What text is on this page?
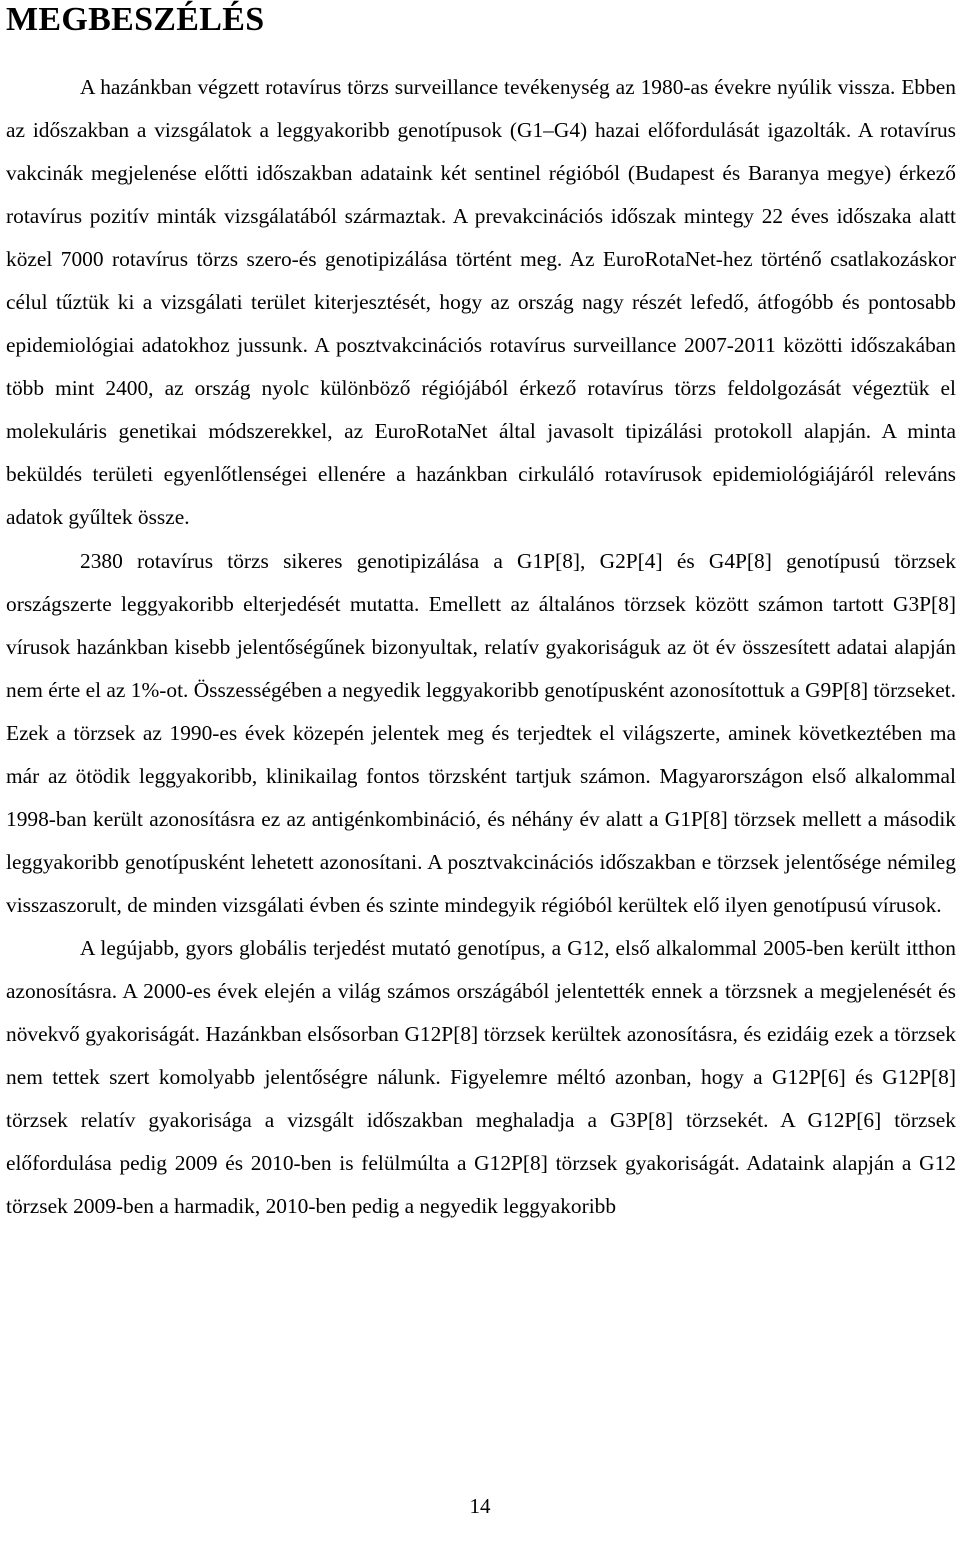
MEGBESZÉLÉS

A hazánkban végzett rotavírus törzs surveillance tevékenység az 1980-as évekre nyúlik vissza. Ebben az időszakban a vizsgálatok a leggyakoribb genotípusok (G1–G4) hazai előfordulását igazolták. A rotavírus vakcinák megjelenése előtti időszakban adataink két sentinel régióból (Budapest és Baranya megye) érkező rotavírus pozitív minták vizsgálatából származtak. A prevakcinációs időszak mintegy 22 éves időszaka alatt közel 7000 rotavírus törzs szero-és genotipizálása történt meg. Az EuroRotaNet-hez történő csatlakozáskor célul tűztük ki a vizsgálati terület kiterjesztését, hogy az ország nagy részét lefedő, átfogóbb és pontosabb epidemiológiai adatokhoz jussunk. A posztvakcinációs rotavírus surveillance 2007-2011 közötti időszakában több mint 2400, az ország nyolc különböző régiójából érkező rotavírus törzs feldolgozását végeztük el molekuláris genetikai módszerekkel, az EuroRotaNet által javasolt tipizálási protokoll alapján. A minta beküldés területi egyenlőtlenségei ellenére a hazánkban cirkuláló rotavírusok epidemiológiájáról releváns adatok gyűltek össze.

2380 rotavírus törzs sikeres genotipizálása a G1P[8], G2P[4] és G4P[8] genotípusú törzsek országszerte leggyakoribb elterjedését mutatta. Emellett az általános törzsek között számon tartott G3P[8] vírusok hazánkban kisebb jelentőségűnek bizonyultak, relatív gyakoriságuk az öt év összesített adatai alapján nem érte el az 1%-ot. Összességében a negyedik leggyakoribb genotípusként azonosítottuk a G9P[8] törzseket. Ezek a törzsek az 1990-es évek közepén jelentek meg és terjedtek el világszerte, aminek következtében ma már az ötödik leggyakoribb, klinikailag fontos törzsként tartjuk számon. Magyarországon első alkalommal 1998-ban került azonosításra ez az antigénkombináció, és néhány év alatt a G1P[8] törzsek mellett a második leggyakoribb genotípusként lehetett azonosítani. A posztvakcinációs időszakban e törzsek jelentősége némileg visszaszorult, de minden vizsgálati évben és szinte mindegyik régióból kerültek elő ilyen genotípusú vírusok.

A legújabb, gyors globális terjedést mutató genotípus, a G12, első alkalommal 2005-ben került itthon azonosításra. A 2000-es évek elején a világ számos országából jelentették ennek a törzsnek a megjelenését és növekvő gyakoriságát. Hazánkban elsősorban G12P[8] törzsek kerültek azonosításra, és ezidáig ezek a törzsek nem tettek szert komolyabb jelentőségre nálunk. Figyelemre méltó azonban, hogy a G12P[6] és G12P[8] törzsek relatív gyakorisága a vizsgált időszakban meghaladja a G3P[8] törzsekét. A G12P[6] törzsek előfordulása pedig 2009 és 2010-ben is felülmúlta a G12P[8] törzsek gyakoriságát. Adataink alapján a G12 törzsek 2009-ben a harmadik, 2010-ben pedig a negyedik leggyakoribb

14
